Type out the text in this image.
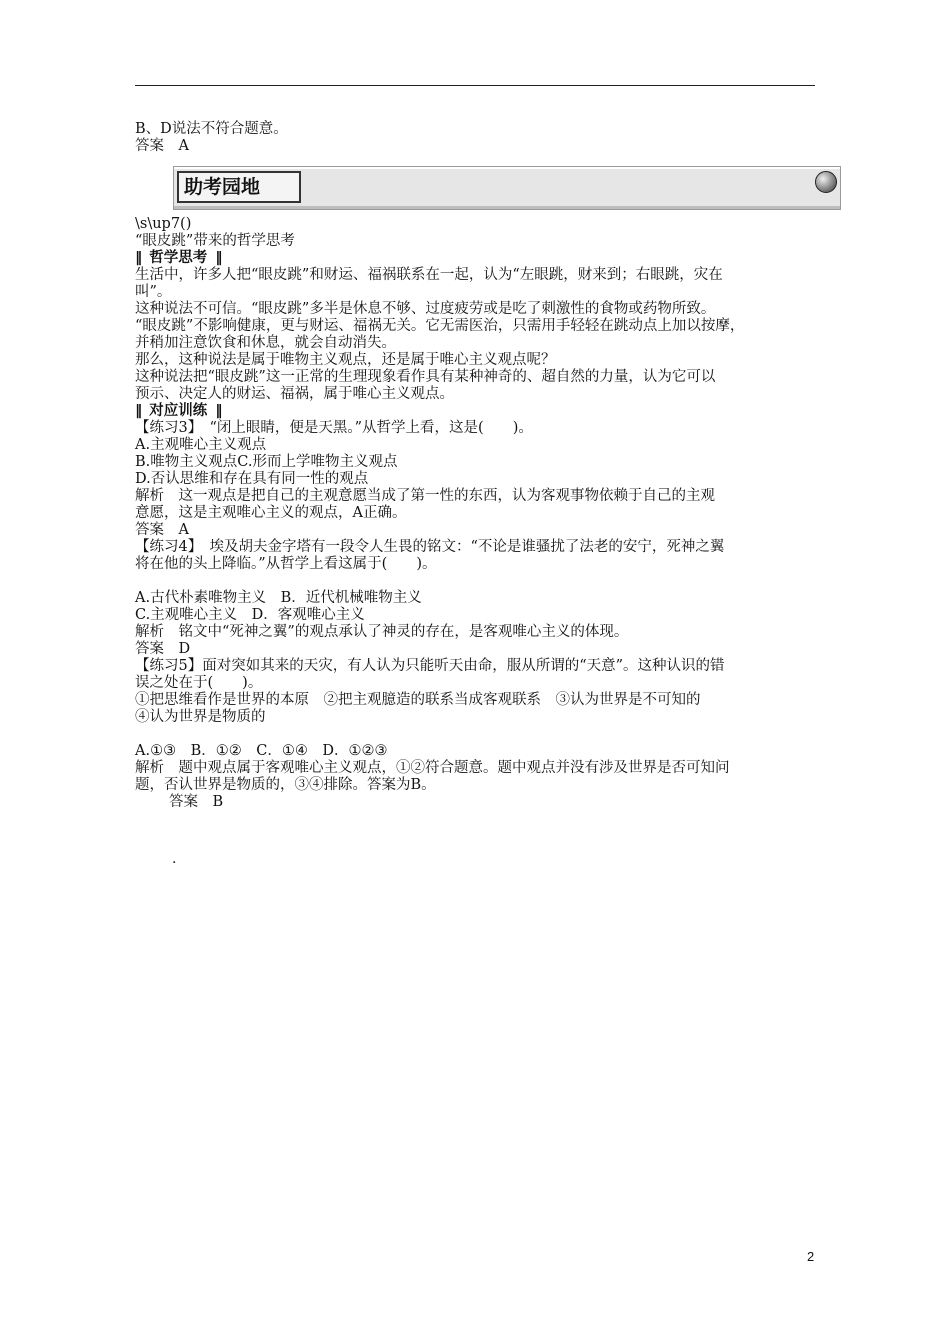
B、D说法不符合题意。

答案　A

助考园地

\s\up7()

“眼皮跳”带来的哲学思考

‖ 哲学思考 ‖

生活中，许多人把“眼皮跳”和财运、福祸联系在一起，认为“左眼跳，财来到；右眼跳，灾在

叫”。

这种说法不可信。“眼皮跳”多半是休息不够、过度疲劳或是吃了刺激性的食物或药物所致。

“眼皮跳”不影响健康，更与财运、福祸无关。它无需医治，只需用手轻轻在跳动点上加以按摩，

并稍加注意饮食和休息，就会自动消失。

那么，这种说法是属于唯物主义观点，还是属于唯心主义观点呢？

这种说法把“眼皮跳”这一正常的生理现象看作具有某种神奇的、超自然的力量，认为它可以

预示、决定人的财运、福祸，属于唯心主义观点。

‖ 对应训练 ‖

【练习3】　“闭上眼睛，便是天黑。”从哲学上看，这是(　　)。

A.主观唯心主义观点

B.唯物主义观点C.形而上学唯物主义观点

D.否认思维和存在具有同一性的观点

解析　这一观点是把自己的主观意愿当成了第一性的东西，认为客观事物依赖于自己的主观

意愿，这是主观唯心主义的观点，A正确。

答案　A

【练习4】　埃及胡夫金字塔有一段令人生畏的铭文：“不论是谁骚扰了法老的安宁，死神之翼

将在他的头上降临。”从哲学上看这属于(　　)。

A.古代朴素唯物主义　B．近代机械唯物主义

C.主观唯心主义　D．客观唯心主义

解析　铭文中“死神之翼”的观点承认了神灵的存在，是客观唯心主义的体现。

答案　D

【练习5】面对突如其来的天灾，有人认为只能听天由命，服从所谓的“天意”。这种认识的错

误之处在于(　　)。

①把思维看作是世界的本原　②把主观臆造的联系当成客观联系　③认为世界是不可知的

④认为世界是物质的

A.①③　B．①②　C．①④　D．①②③

解析　题中观点属于客观唯心主义观点，①②符合题意。题中观点并没有涉及世界是否可知问

题，否认世界是物质的，③④排除。答案为B。

答案　B

.
2
